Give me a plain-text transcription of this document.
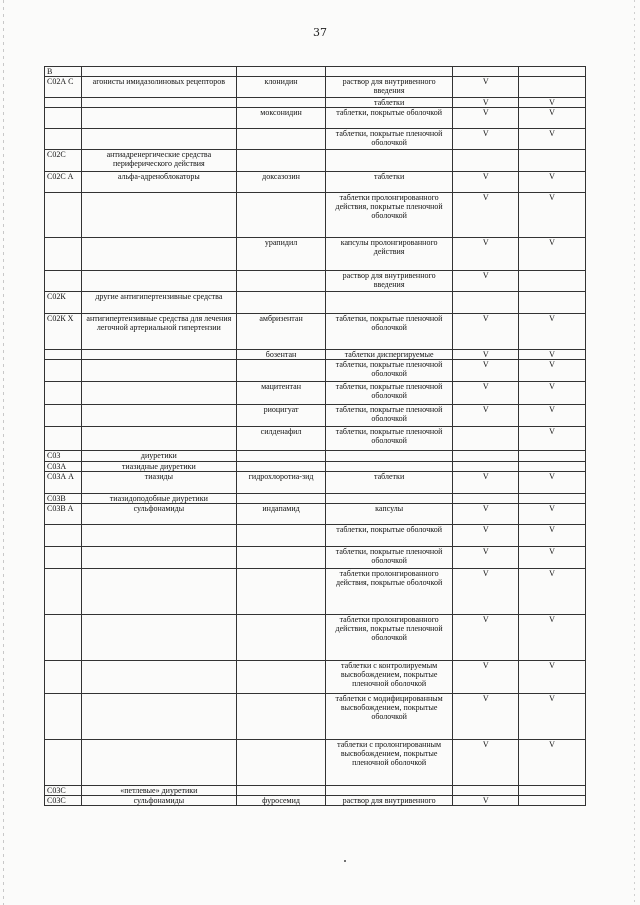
37
В					
С02А С	агонисты имидазолиновых рецепторов	клонидин	раствор для внутривенного введения	V	
			таблетки	V	V
		моксонидин	таблетки, покрытые оболочкой	V	V
			таблетки, покрытые пленочной оболочкой	V	V
С02С	антиадренергические средства периферического действия				
С02С А	альфа-адреноблокаторы	доксазозин	таблетки	V	V
			таблетки пролонгированного действия, покрытые пленочной оболочкой	V	V
		урапидил	капсулы пролонгированного действия	V	V
			раствор для внутривенного введения	V	
С02К	другие антигипертензивные средства				
С02К Х	антигипертензивные средства для лечения легочной артериальной гипертензии	амбризентан	таблетки, покрытые пленочной оболочкой	V	V
		бозентан	таблетки диспергируемые	V	V
			таблетки, покрытые пленочной оболочкой	V	V
		мацитентан	таблетки, покрытые пленочной оболочкой	V	V
		риоцигуат	таблетки, покрытые пленочной оболочкой	V	V
		силденафил	таблетки, покрытые пленочной оболочкой		V
С03	диуретики				
С03А	тиазидные диуретики				
С03А А	тиазиды	гидрохлоротиа-зид	таблетки	V	V
С03В	тиазидоподобные диуретики				
С03В А	сульфонамиды	индапамид	капсулы	V	V
			таблетки, покрытые оболочкой	V	V
			таблетки, покрытые пленочной оболочкой	V	V
			таблетки пролонгированного действия, покрытые оболочкой	V	V
			таблетки пролонгированного действия, покрытые пленочной оболочкой	V	V
			таблетки с контролируемым высвобождением, покрытые пленочной оболочкой	V	V
			таблетки с модифицированным высвобождением, покрытые оболочкой	V	V
			таблетки с пролонгированным высвобождением, покрытые пленочной оболочкой	V	V
С03С	«петлевые» диуретики				
С03С	сульфонамиды	фуросемид	раствор для внутривенного	V	
